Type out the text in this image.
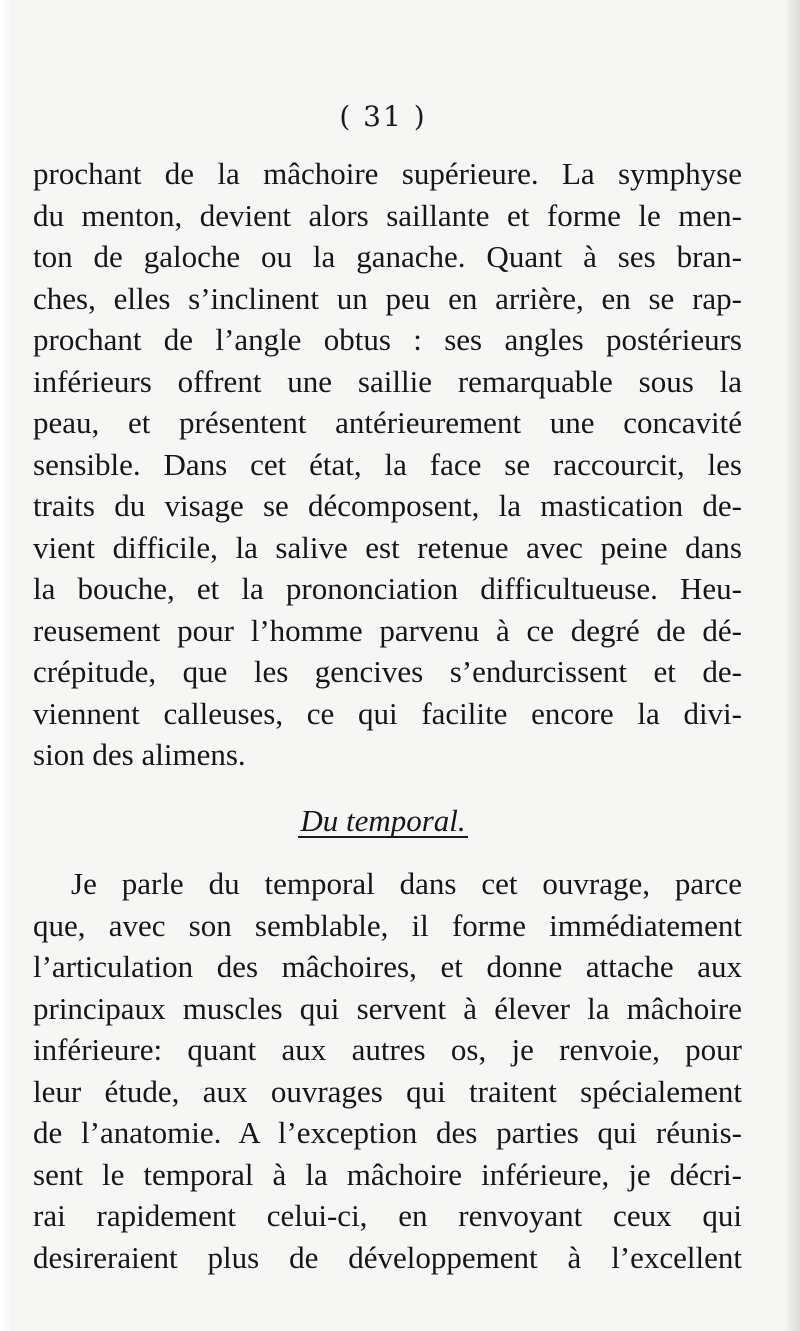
( 31 )
prochant de la mâchoire supérieure. La symphyse
du menton, devient alors saillante et forme le men-
ton de galoche ou la ganache. Quant à ses bran-
ches, elles s’inclinent un peu en arrière, en se rap-
prochant de l’angle obtus : ses angles postérieurs
inférieurs offrent une saillie remarquable sous la
peau, et présentent antérieurement une concavité
sensible. Dans cet état, la face se raccourcit, les
traits du visage se décomposent, la mastication de-
vient difficile, la salive est retenue avec peine dans
la bouche, et la prononciation difficultueuse. Heu-
reusement pour l’homme parvenu à ce degré de dé-
crépitude, que les gencives s’endurcissent et de-
viennent calleuses, ce qui facilite encore la divi-
sion des alimens.
Du temporal.
Je parle du temporal dans cet ouvrage, parce
que, avec son semblable, il forme immédiatement
l’articulation des mâchoires, et donne attache aux
principaux muscles qui servent à élever la mâchoire
inférieure: quant aux autres os, je renvoie, pour
leur étude, aux ouvrages qui traitent spécialement
de l’anatomie. A l’exception des parties qui réunis-
sent le temporal à la mâchoire inférieure, je décri-
rai rapidement celui-ci, en renvoyant ceux qui
desireraient plus de développement à l’excellent
